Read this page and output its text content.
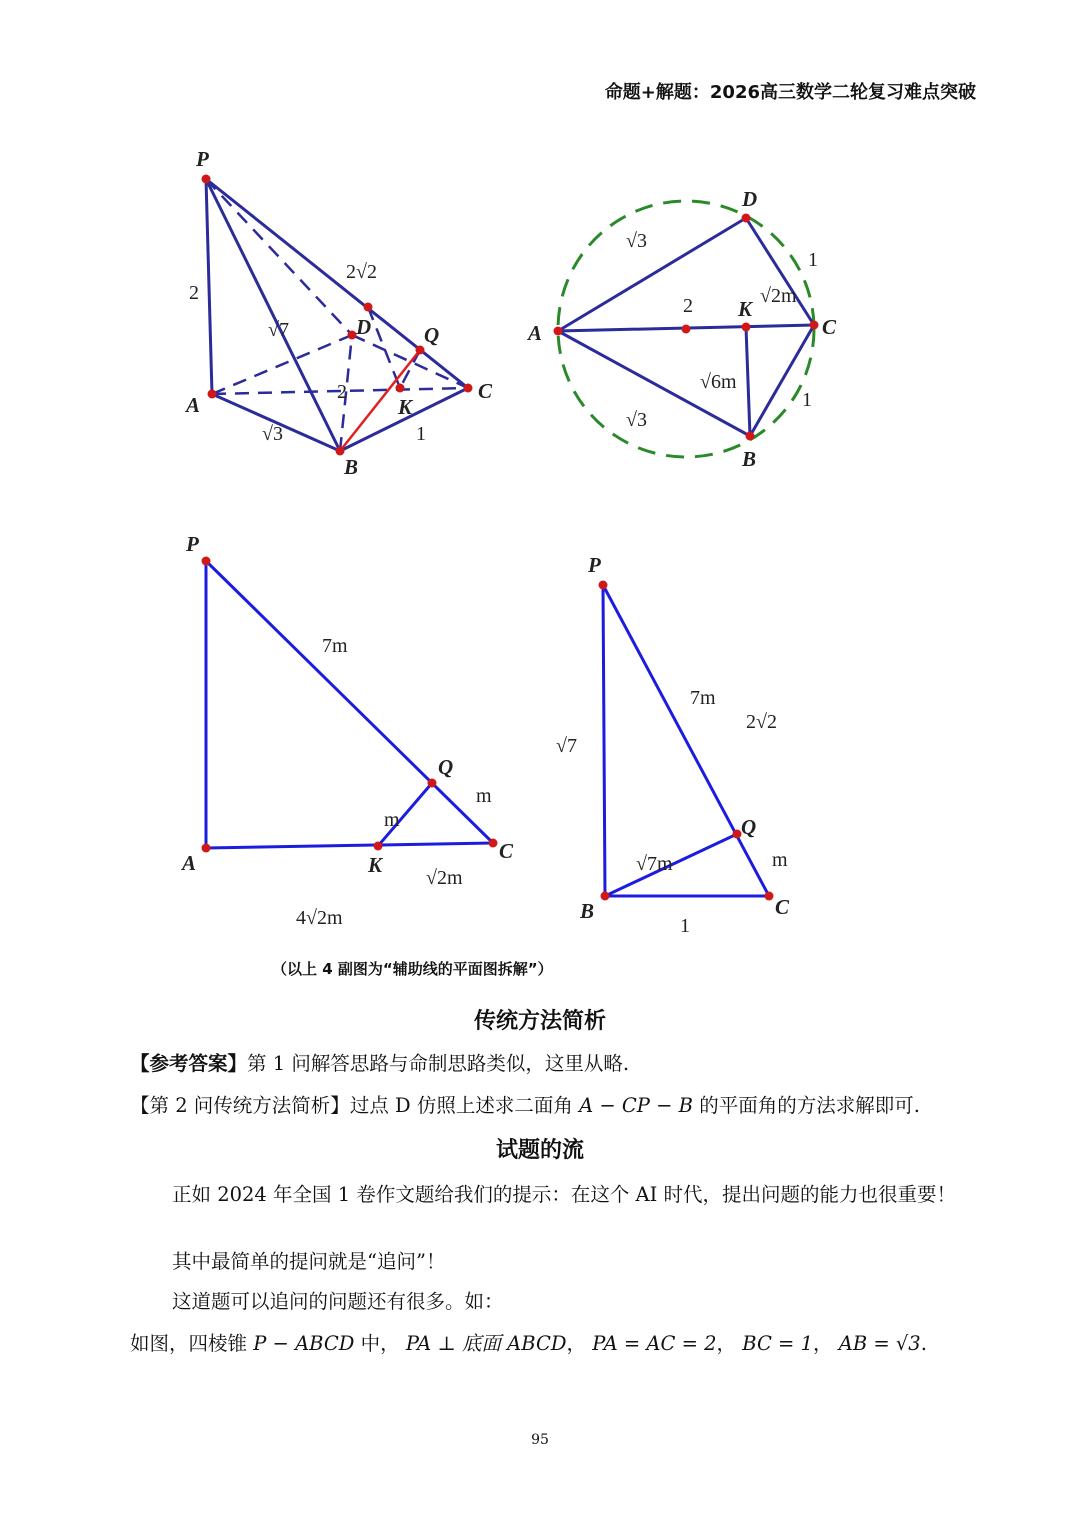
命题+解题：2026高三数学二轮复习难点突破
P
A
B
C
D	Q
K
2
2√2
√7
2
√3	1
A
D
C
B
K
√3
1
2	√2m
√6m
√3
1
P
A	C
Q
K
7m
m
m
√2m
4√2m
P
B	C
Q
7m
2√2
√7
√7m	m
1
（以上 4 副图为“辅助线的平面图拆解”）
传统方法简析
【参考答案】第 1 问解答思路与命制思路类似，这里从略.
【第 2 问传统方法简析】过点 D 仿照上述求二面角 A − CP − B 的平面角的方法求解即可.
试题的流
正如 2024 年全国 1 卷作文题给我们的提示：在这个 AI 时代，提出问题的能力也很重要！
其中最简单的提问就是“追问”！
这道题可以追问的问题还有很多。如：
如图，四棱锥 P − ABCD 中， PA ⊥ 底面 ABCD， PA = AC = 2， BC = 1， AB = √3.
95
